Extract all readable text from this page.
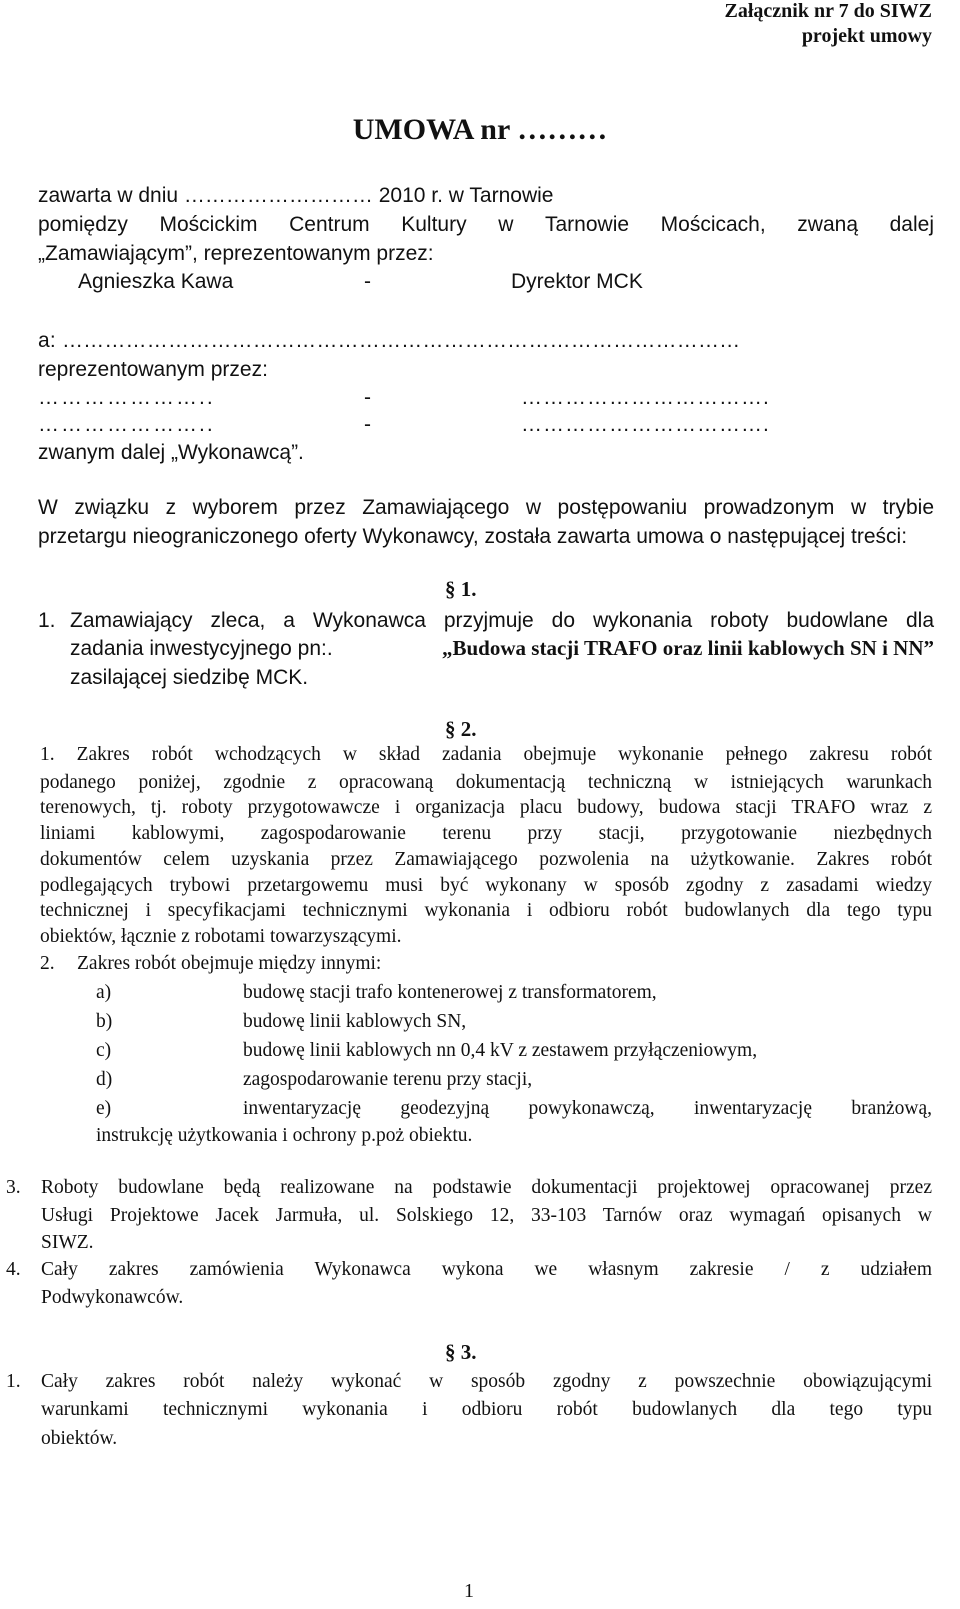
Załącznik nr 7 do SIWZ
projekt umowy
UMOWA nr ………
zawarta w dniu ……………………… 2010 r. w Tarnowie
pomiędzy Mościckim Centrum Kultury w Tarnowie Mościcach, zwaną dalej
„Zamawiającym”, reprezentowanym przez:
Agnieszka Kawa	-	Dyrektor MCK
a: ……………………………………………………………………………………
reprezentowanym przez:
…………………..	-	…………………………….
…………………..	-	…………………………….
zwanym dalej „Wykonawcą”.
W związku z wyborem przez Zamawiającego w postępowaniu prowadzonym w trybie
przetargu nieograniczonego oferty Wykonawcy, została zawarta umowa o następującej treści:
§ 1.
1. Zamawiający zleca, a Wykonawca przyjmuje do wykonania roboty budowlane dla
zadania inwestycyjnego pn:.	„Budowa stacji TRAFO oraz linii kablowych SN i NN”
zasilającej siedzibę MCK.
§ 2.
1. Zakres robót wchodzących w skład zadania obejmuje wykonanie pełnego zakresu robót
podanego poniżej, zgodnie z opracowaną dokumentacją techniczną w istniejących warunkach
terenowych, tj. roboty przygotowawcze i organizacja placu budowy, budowa stacji TRAFO wraz z
liniami kablowymi, zagospodarowanie terenu przy stacji, przygotowanie niezbędnych
dokumentów celem uzyskania przez Zamawiającego pozwolenia na użytkowanie. Zakres robót
podlegających trybowi przetargowemu musi być wykonany w sposób zgodny z zasadami wiedzy
technicznej i specyfikacjami technicznymi wykonania i odbioru robót budowlanych dla tego typu
obiektów, łącznie z robotami towarzyszącymi.
2. Zakres robót obejmuje między innymi:
a)	budowę stacji trafo kontenerowej z transformatorem,
b)	budowę linii kablowych SN,
c)	budowę linii kablowych nn 0,4 kV z zestawem przyłączeniowym,
d)	zagospodarowanie terenu przy stacji,
e)	inwentaryzację geodezyjną powykonawczą, inwentaryzację branżową,
instrukcję użytkowania i ochrony p.poż obiektu.
3. Roboty budowlane będą realizowane na podstawie dokumentacji projektowej opracowanej przez
Usługi Projektowe Jacek Jarmuła, ul. Solskiego 12, 33-103 Tarnów oraz wymagań opisanych w
SIWZ.
4. Cały zakres zamówienia Wykonawca wykona we własnym zakresie / z udziałem
Podwykonawców.
§ 3.
1. Cały zakres robót należy wykonać w sposób zgodny z powszechnie obowiązującymi
warunkami technicznymi wykonania i odbioru robót budowlanych dla tego typu
obiektów.
1
